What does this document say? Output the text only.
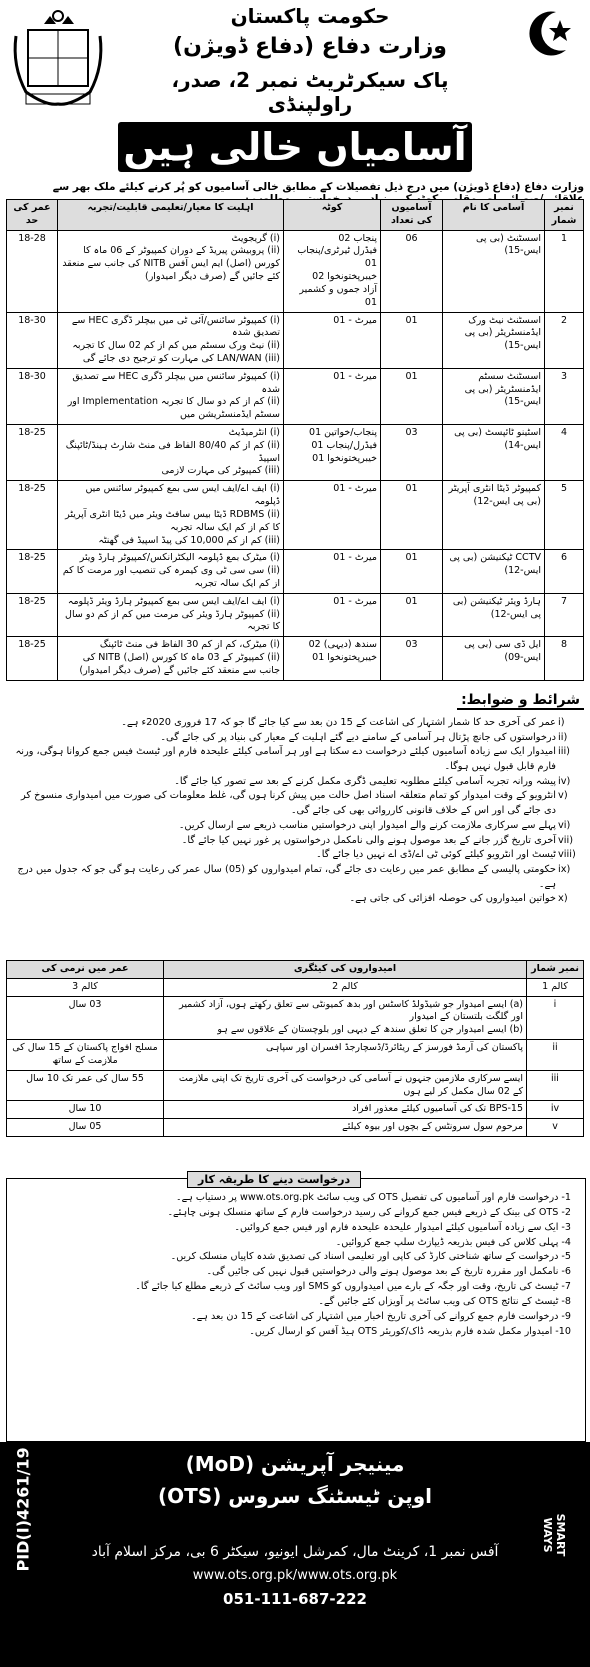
حکومت پاکستان
وزارت دفاع (دفاع ڈویژن)
پاک سیکرٹریٹ نمبر 2، صدر، راولپنڈی
آسامیاں خالی ہیں
وزارت دفاع (دفاع ڈویژن) میں درج ذیل تفصیلات کے مطابق خالی آسامیوں کو پُر کرنے کیلئے ملک بھر سے
نمبر شمار	آسامی کا نام	آسامیوں کی تعداد	کوٹہ	اہلیت کا معیار/تعلیمی قابلیت/تجربہ	عمر کی حد
1	اسسٹنٹ (بی پی ایس-15)	06	پنجاب 02
فیڈرل ٹیرٹری/پنجاب 01
خیبرپختونخوا 02
آزاد جموں و کشمیر 01	(i) گریجویٹ
(ii) پروبیشن پیریڈ کے دوران کمپیوٹر کے 06 ماہ کا کورس (اصل) ایم ایس آفس NITB کی جانب سے منعقد کئے جائیں گے (صرف دیگر امیدوار)	18-28
2	اسسٹنٹ نیٹ ورک ایڈمنسٹریٹر (بی پی ایس-15)	01	میرٹ - 01	(i) کمپیوٹر سائنس/آئی ٹی میں بیچلر ڈگری HEC سے تصدیق شدہ
(ii) نیٹ ورک سسٹم میں کم از کم 02 سال کا تجربہ
(iii) LAN/WAN کی مہارت کو ترجیح دی جائے گی	18-30
3	اسسٹنٹ سسٹم ایڈمنسٹریٹر (بی پی ایس-15)	01	میرٹ - 01	(i) کمپیوٹر سائنس میں بیچلر ڈگری HEC سے تصدیق شدہ
(ii) کم از کم دو سال کا تجربہ Implementation اور سسٹم ایڈمنسٹریشن میں	18-30
4	اسٹینو ٹائپسٹ (بی پی ایس-14)	03	پنجاب/خواتین 01
فیڈرل/پنجاب 01
خیبرپختونخوا 01	(i) انٹرمیڈیٹ
(ii) کم از کم 80/40 الفاظ فی منٹ شارٹ ہینڈ/ٹائپنگ اسپیڈ
(iii) کمپیوٹر کی مہارت لازمی	18-25
5	کمپیوٹر ڈیٹا انٹری آپریٹر (بی پی ایس-12)	01	میرٹ - 01	(i) ایف اے/ایف ایس سی بمع کمپیوٹر سائنس میں ڈپلومہ
(ii) RDBMS ڈیٹا بیس سافٹ ویئر میں ڈیٹا انٹری آپریٹر کا کم از کم ایک سالہ تجربہ
(iii) کم از کم 10,000 کی پیڈ اسپیڈ فی گھنٹہ	18-25
6	CCTV ٹیکنیشن (بی پی ایس-12)	01	میرٹ - 01	(i) میٹرک بمع ڈپلومہ الیکٹرانکس/کمپیوٹر ہارڈ ویئر
(ii) سی سی ٹی وی کیمرہ کی تنصیب اور مرمت کا کم از کم ایک سالہ تجربہ	18-25
7	ہارڈ ویئر ٹیکنیشن (بی پی ایس-12)	01	میرٹ - 01	(i) ایف اے/ایف ایس سی بمع کمپیوٹر ہارڈ ویئر ڈپلومہ
(ii) کمپیوٹر ہارڈ ویئر کی مرمت میں کم از کم دو سال کا تجربہ	18-25
8	ایل ڈی سی (بی پی ایس-09)	03	سندھ (دیہی) 02
خیبرپختونخوا 01	(i) میٹرک، کم از کم 30 الفاظ فی منٹ ٹائپنگ
(ii) کمپیوٹر کے 03 ماہ کا کورس (اصل) NITB کی جانب سے منعقد کئے جائیں گے (صرف دیگر امیدوار)	18-25
شرائط و ضوابط:
(i
عمر کی آخری حد کا شمار اشتہار کی اشاعت کے 15 دن بعد سے کیا جائے گا جو کہ 17 فروری 2020ء ہے۔
(ii
درخواستوں کی جانچ پڑتال ہر آسامی کے سامنے دیے گئے اہلیت کے معیار کی بنیاد پر کی جائے گی۔
(iii
امیدوار ایک سے زیادہ آسامیوں کیلئے درخواست دے سکتا ہے اور ہر آسامی کیلئے علیحدہ فارم اور ٹیسٹ فیس جمع کروانا ہوگی، ورنہ فارم قابل قبول نہیں ہوگا۔
(iv
پیشہ ورانہ تجربہ آسامی کیلئے مطلوبہ تعلیمی ڈگری مکمل کرنے کے بعد سے تصور کیا جائے گا۔
(v
انٹرویو کے وقت امیدوار کو تمام متعلقہ اسناد اصل حالت میں پیش کرنا ہوں گی، غلط معلومات کی صورت میں امیدواری منسوخ کر دی جائے گی اور اس کے خلاف قانونی کارروائی بھی کی جائے گی۔
(vi
پہلے سے سرکاری ملازمت کرنے والے امیدوار اپنی درخواستیں مناسب ذریعے سے ارسال کریں۔
(vii
آخری تاریخ گزر جانے کے بعد موصول ہونے والی نامکمل درخواستوں پر غور نہیں کیا جائے گا۔
(viii
ٹیسٹ اور انٹرویو کیلئے کوئی ٹی اے/ڈی اے نہیں دیا جائے گا۔
(ix
حکومتی پالیسی کے مطابق عمر میں رعایت دی جائے گی، تمام امیدواروں کو (05) سال عمر کی رعایت ہو گی جو کہ جدول میں درج ہے۔
(x
خواتین امیدواروں کی حوصلہ افزائی کی جاتی ہے۔
نمبر شمار	امیدواروں کی کیٹگری	عمر میں نرمی کی
کالم 1	کالم 2	کالم 3
i	(a) ایسے امیدوار جو شیڈولڈ کاسٹس اور بدھ کمیونٹی سے تعلق رکھتے ہوں، آزاد کشمیر اور گلگت بلتستان کے امیدوار
(b) ایسے امیدوار جن کا تعلق سندھ کے دیہی اور بلوچستان کے علاقوں سے ہو	03 سال
ii	پاکستان کی آرمڈ فورسز کے ریٹائرڈ/ڈسچارجڈ افسران اور سپاہی	مسلح افواج پاکستان کے 15 سال کی ملازمت کے ساتھ
iii	ایسے سرکاری ملازمین جنہوں نے آسامی کی درخواست کی آخری تاریخ تک اپنی ملازمت کے 02 سال مکمل کر لیے ہوں	55 سال کی عمر تک 10 سال
iv	BPS-15 تک کی آسامیوں کیلئے معذور افراد	10 سال
v	مرحوم سول سرونٹس کے بچوں اور بیوہ کیلئے	05 سال
درخواست دینے کا طریقہ کار
1- درخواست فارم اور آسامیوں کی تفصیل OTS کی ویب سائٹ www.ots.org.pk پر دستیاب ہے۔
2- OTS کی بینک کے ذریعے فیس جمع کروانے کی رسید درخواست فارم کے ساتھ منسلک ہونی چاہئے۔
3- ایک سے زیادہ آسامیوں کیلئے امیدوار علیحدہ علیحدہ فارم اور فیس جمع کروائیں۔
4- پہلی کلاس کی فیس بذریعہ ڈیپازٹ سلپ جمع کروائیں۔
5- درخواست کے ساتھ شناختی کارڈ کی کاپی اور تعلیمی اسناد کی تصدیق شدہ کاپیاں منسلک کریں۔
6- نامکمل اور مقررہ تاریخ کے بعد موصول ہونے والی درخواستیں قبول نہیں کی جائیں گی۔
7- ٹیسٹ کی تاریخ، وقت اور جگہ کے بارے میں امیدواروں کو SMS اور ویب سائٹ کے ذریعے مطلع کیا جائے گا۔
8- ٹیسٹ کے نتائج OTS کی ویب سائٹ پر آویزاں کئے جائیں گے۔
9- درخواست فارم جمع کروانے کی آخری تاریخ اخبار میں اشتہار کی اشاعت کے 15 دن بعد ہے۔
10- امیدوار مکمل شدہ فارم بذریعہ ڈاک/کوریئر OTS ہیڈ آفس کو ارسال کریں۔
PID(I)4261/19	SMART WAYS
مینیجر آپریشن (MoD)
اوپن ٹیسٹنگ سروس (OTS)
آفس نمبر 1، کرینٹ مال، کمرشل ایونیو، سیکٹر 6 بی، مرکز اسلام آباد
www.ots.org.pk/www.ots.org.pk
051-111-687-222
